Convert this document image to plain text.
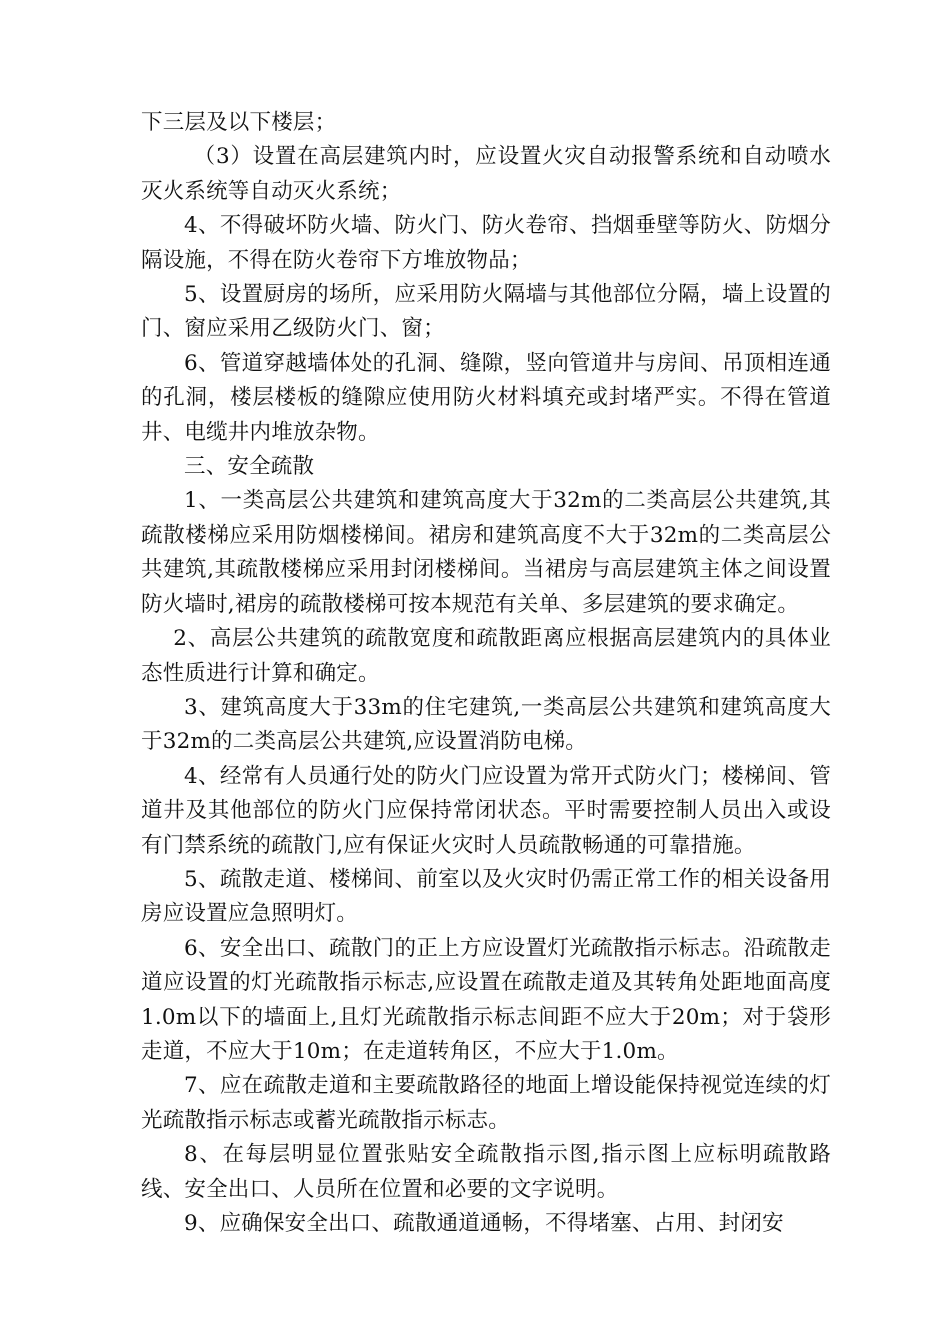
下三层及以下楼层；

（3）设置在高层建筑内时，应设置火灾自动报警系统和自动喷水灭火系统等自动灭火系统；

4、不得破坏防火墙、防火门、防火卷帘、挡烟垂壁等防火、防烟分隔设施，不得在防火卷帘下方堆放物品；

5、设置厨房的场所，应采用防火隔墙与其他部位分隔，墙上设置的门、窗应采用乙级防火门、窗；

6、管道穿越墙体处的孔洞、缝隙，竖向管道井与房间、吊顶相连通的孔洞，楼层楼板的缝隙应使用防火材料填充或封堵严实。不得在管道井、电缆井内堆放杂物。

三、安全疏散

1、一类高层公共建筑和建筑高度大于32m的二类高层公共建筑,其疏散楼梯应采用防烟楼梯间。裙房和建筑高度不大于32m的二类高层公共建筑,其疏散楼梯应采用封闭楼梯间。当裙房与高层建筑主体之间设置防火墙时,裙房的疏散楼梯可按本规范有关单、多层建筑的要求确定。

2、高层公共建筑的疏散宽度和疏散距离应根据高层建筑内的具体业态性质进行计算和确定。

3、建筑高度大于33m的住宅建筑,一类高层公共建筑和建筑高度大于32m的二类高层公共建筑,应设置消防电梯。

4、经常有人员通行处的防火门应设置为常开式防火门；楼梯间、管道井及其他部位的防火门应保持常闭状态。平时需要控制人员出入或设有门禁系统的疏散门,应有保证火灾时人员疏散畅通的可靠措施。

5、疏散走道、楼梯间、前室以及火灾时仍需正常工作的相关设备用房应设置应急照明灯。

6、安全出口、疏散门的正上方应设置灯光疏散指示标志。沿疏散走道应设置的灯光疏散指示标志,应设置在疏散走道及其转角处距地面高度1.0m以下的墙面上,且灯光疏散指示标志间距不应大于20m；对于袋形走道，不应大于10m；在走道转角区，不应大于1.0m。

7、应在疏散走道和主要疏散路径的地面上增设能保持视觉连续的灯光疏散指示标志或蓄光疏散指示标志。

8、在每层明显位置张贴安全疏散指示图,指示图上应标明疏散路线、安全出口、人员所在位置和必要的文字说明。

9、应确保安全出口、疏散通道通畅，不得堵塞、占用、封闭安
